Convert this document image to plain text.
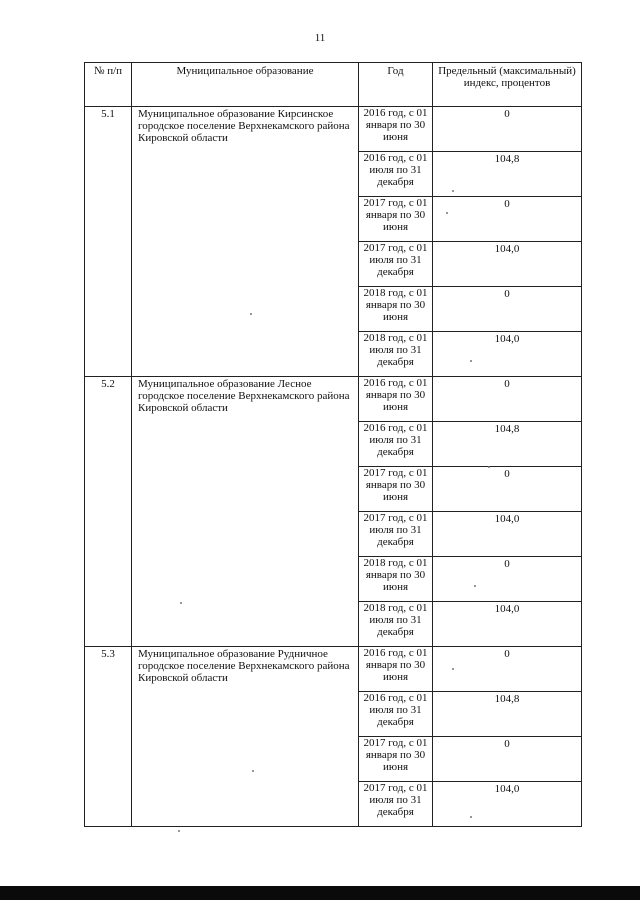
11
№ п/п	Муниципальное образование	Год	Предельный (максимальный) индекс, процентов
5.1	Муниципальное образование Кирсинское городское поселение Верхнекамского района Кировской области	2016 год, с 01 января по 30 июня	0
		2016 год, с 01 июля по 31 декабря	104,8
		2017 год, с 01 января по 30 июня	0
		2017 год, с 01 июля по 31 декабря	104,0
		2018 год, с 01 января по 30 июня	0
		2018 год, с 01 июля по 31 декабря	104,0
5.2	Муниципальное образование Лесное городское поселение Верхнекамского района Кировской области	2016 год, с 01 января по 30 июня	0
		2016 год, с 01 июля по 31 декабря	104,8
		2017 год, с 01 января по 30 июня	0
		2017 год, с 01 июля по 31 декабря	104,0
		2018 год, с 01 января по 30 июня	0
		2018 год, с 01 июля по 31 декабря	104,0
5.3	Муниципальное образование Рудничное городское поселение Верхнекамского района Кировской области	2016 год, с 01 января по 30 июня	0
		2016 год, с 01 июля по 31 декабря	104,8
		2017 год, с 01 января по 30 июня	0
		2017 год, с 01 июля по 31 декабря	104,0
